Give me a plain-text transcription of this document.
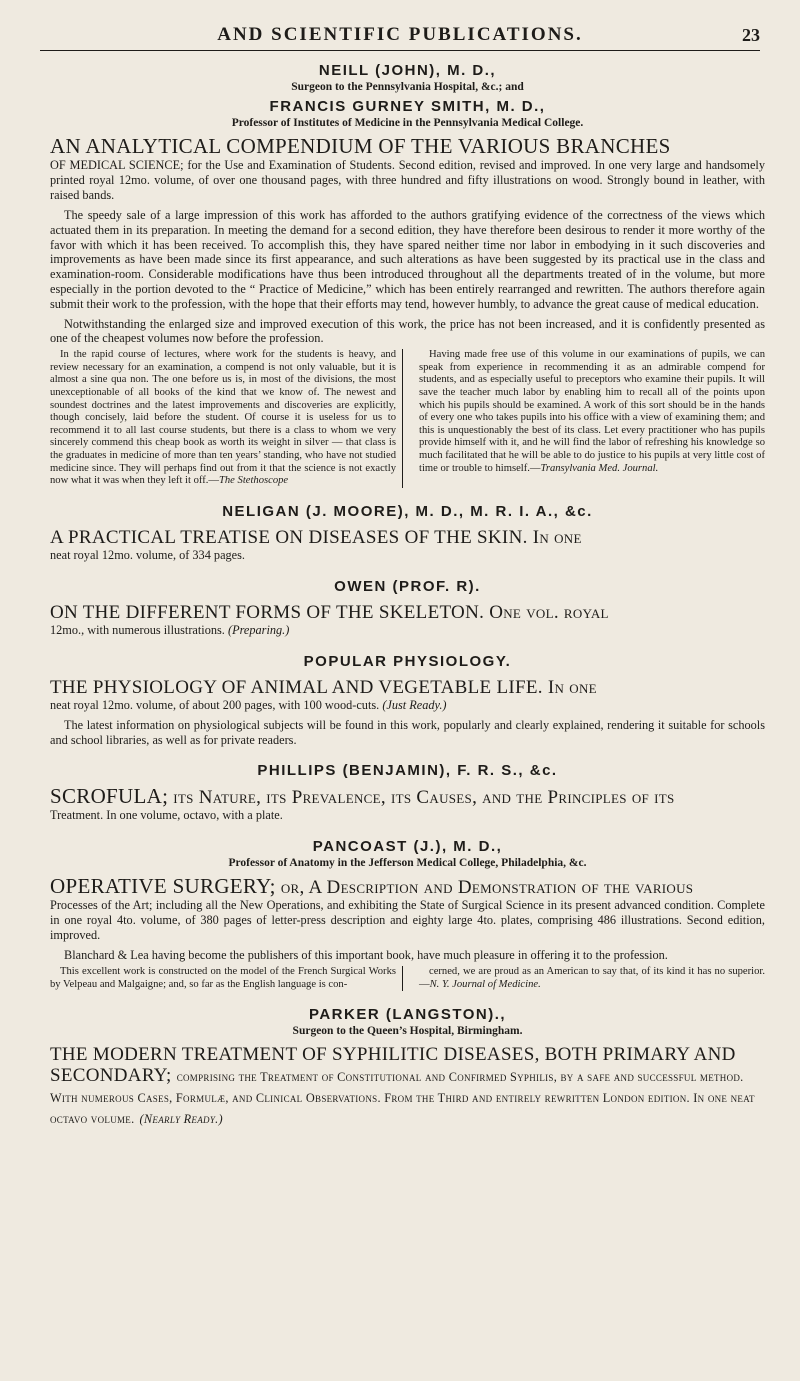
AND SCIENTIFIC PUBLICATIONS.	23
NEILL (JOHN), M. D.,
Surgeon to the Pennsylvania Hospital, &c.; and
FRANCIS GURNEY SMITH, M. D.,
Professor of Institutes of Medicine in the Pennsylvania Medical College.
AN ANALYTICAL COMPENDIUM OF THE VARIOUS BRANCHES
OF MEDICAL SCIENCE; for the Use and Examination of Students. Second edition, revised and improved. In one very large and handsomely printed royal 12mo. volume, of over one thousand pages, with three hundred and fifty illustrations on wood. Strongly bound in leather, with raised bands.
The speedy sale of a large impression of this work has afforded to the authors gratifying evidence of the correctness of the views which actuated them in its preparation. In meeting the demand for a second edition, they have therefore been desirous to render it more worthy of the favor with which it has been received. To accomplish this, they have spared neither time nor labor in embodying in it such discoveries and improvements as have been made since its first appearance, and such alterations as have been suggested by its practical use in the class and examination-room. Considerable modifications have thus been introduced throughout all the departments treated of in the volume, but more especially in the portion devoted to the “ Practice of Medicine,” which has been entirely rearranged and rewritten. The authors therefore again submit their work to the profession, with the hope that their efforts may tend, however humbly, to advance the great cause of medical education.
Notwithstanding the enlarged size and improved execution of this work, the price has not been increased, and it is confidently presented as one of the cheapest volumes now before the profession.
In the rapid course of lectures, where work for the students is heavy, and review necessary for an examination, a compend is not only valuable, but it is almost a sine qua non. The one before us is, in most of the divisions, the most unexceptionable of all books of the kind that we know of. The newest and soundest doctrines and the latest improvements and discoveries are explicitly, though concisely, laid before the student. Of course it is useless for us to recommend it to all last course students, but there is a class to whom we very sincerely commend this cheap book as worth its weight in silver — that class is the graduates in medicine of more than ten years’ standing, who have not studied medicine since. They will perhaps find out from it that the science is not exactly now what it was when they left it off.—The Stethoscope
Having made free use of this volume in our examinations of pupils, we can speak from experience in recommending it as an admirable compend for students, and as especially useful to preceptors who examine their pupils. It will save the teacher much labor by enabling him to recall all of the points upon which his pupils should be examined. A work of this sort should be in the hands of every one who takes pupils into his office with a view of examining them; and this is unquestionably the best of its class. Let every practitioner who has pupils provide himself with it, and he will find the labor of refreshing his knowledge so much facilitated that he will be able to do justice to his pupils at very little cost of time or trouble to himself.—Transylvania Med. Journal.
NELIGAN (J. MOORE), M. D., M. R. I. A., &c.
A PRACTICAL TREATISE ON DISEASES OF THE SKIN. In one
neat royal 12mo. volume, of 334 pages.
OWEN (PROF. R).
ON THE DIFFERENT FORMS OF THE SKELETON. One vol. royal
12mo., with numerous illustrations. (Preparing.)
POPULAR PHYSIOLOGY.
THE PHYSIOLOGY OF ANIMAL AND VEGETABLE LIFE. In one
neat royal 12mo. volume, of about 200 pages, with 100 wood-cuts. (Just Ready.)
The latest information on physiological subjects will be found in this work, popularly and clearly explained, rendering it suitable for schools and school libraries, as well as for private readers.
PHILLIPS (BENJAMIN), F. R. S., &c.
SCROFULA; its Nature, its Prevalence, its Causes, and the Principles of its
Treatment. In one volume, octavo, with a plate.
PANCOAST (J.), M. D.,
Professor of Anatomy in the Jefferson Medical College, Philadelphia, &c.
OPERATIVE SURGERY; or, A Description and Demonstration of the various
Processes of the Art; including all the New Operations, and exhibiting the State of Surgical Science in its present advanced condition. Complete in one royal 4to. volume, of 380 pages of letter-press description and eighty large 4to. plates, comprising 486 illustrations. Second edition, improved.
Blanchard & Lea having become the publishers of this important book, have much pleasure in offering it to the profession.
This excellent work is constructed on the model of the French Surgical Works by Velpeau and Malgaigne; and, so far as the English language is con-
cerned, we are proud as an American to say that, of its kind it has no superior.—N. Y. Journal of Medicine.
PARKER (LANGSTON).,
Surgeon to the Queen’s Hospital, Birmingham.
THE MODERN TREATMENT OF SYPHILITIC DISEASES, BOTH PRIMARY AND SECONDARY; comprising the Treatment of Constitutional and Confirmed Syphilis, by a safe and successful method. With numerous Cases, Formulæ, and Clinical Observations. From the Third and entirely rewritten London edition. In one neat octavo volume. (Nearly Ready.)
